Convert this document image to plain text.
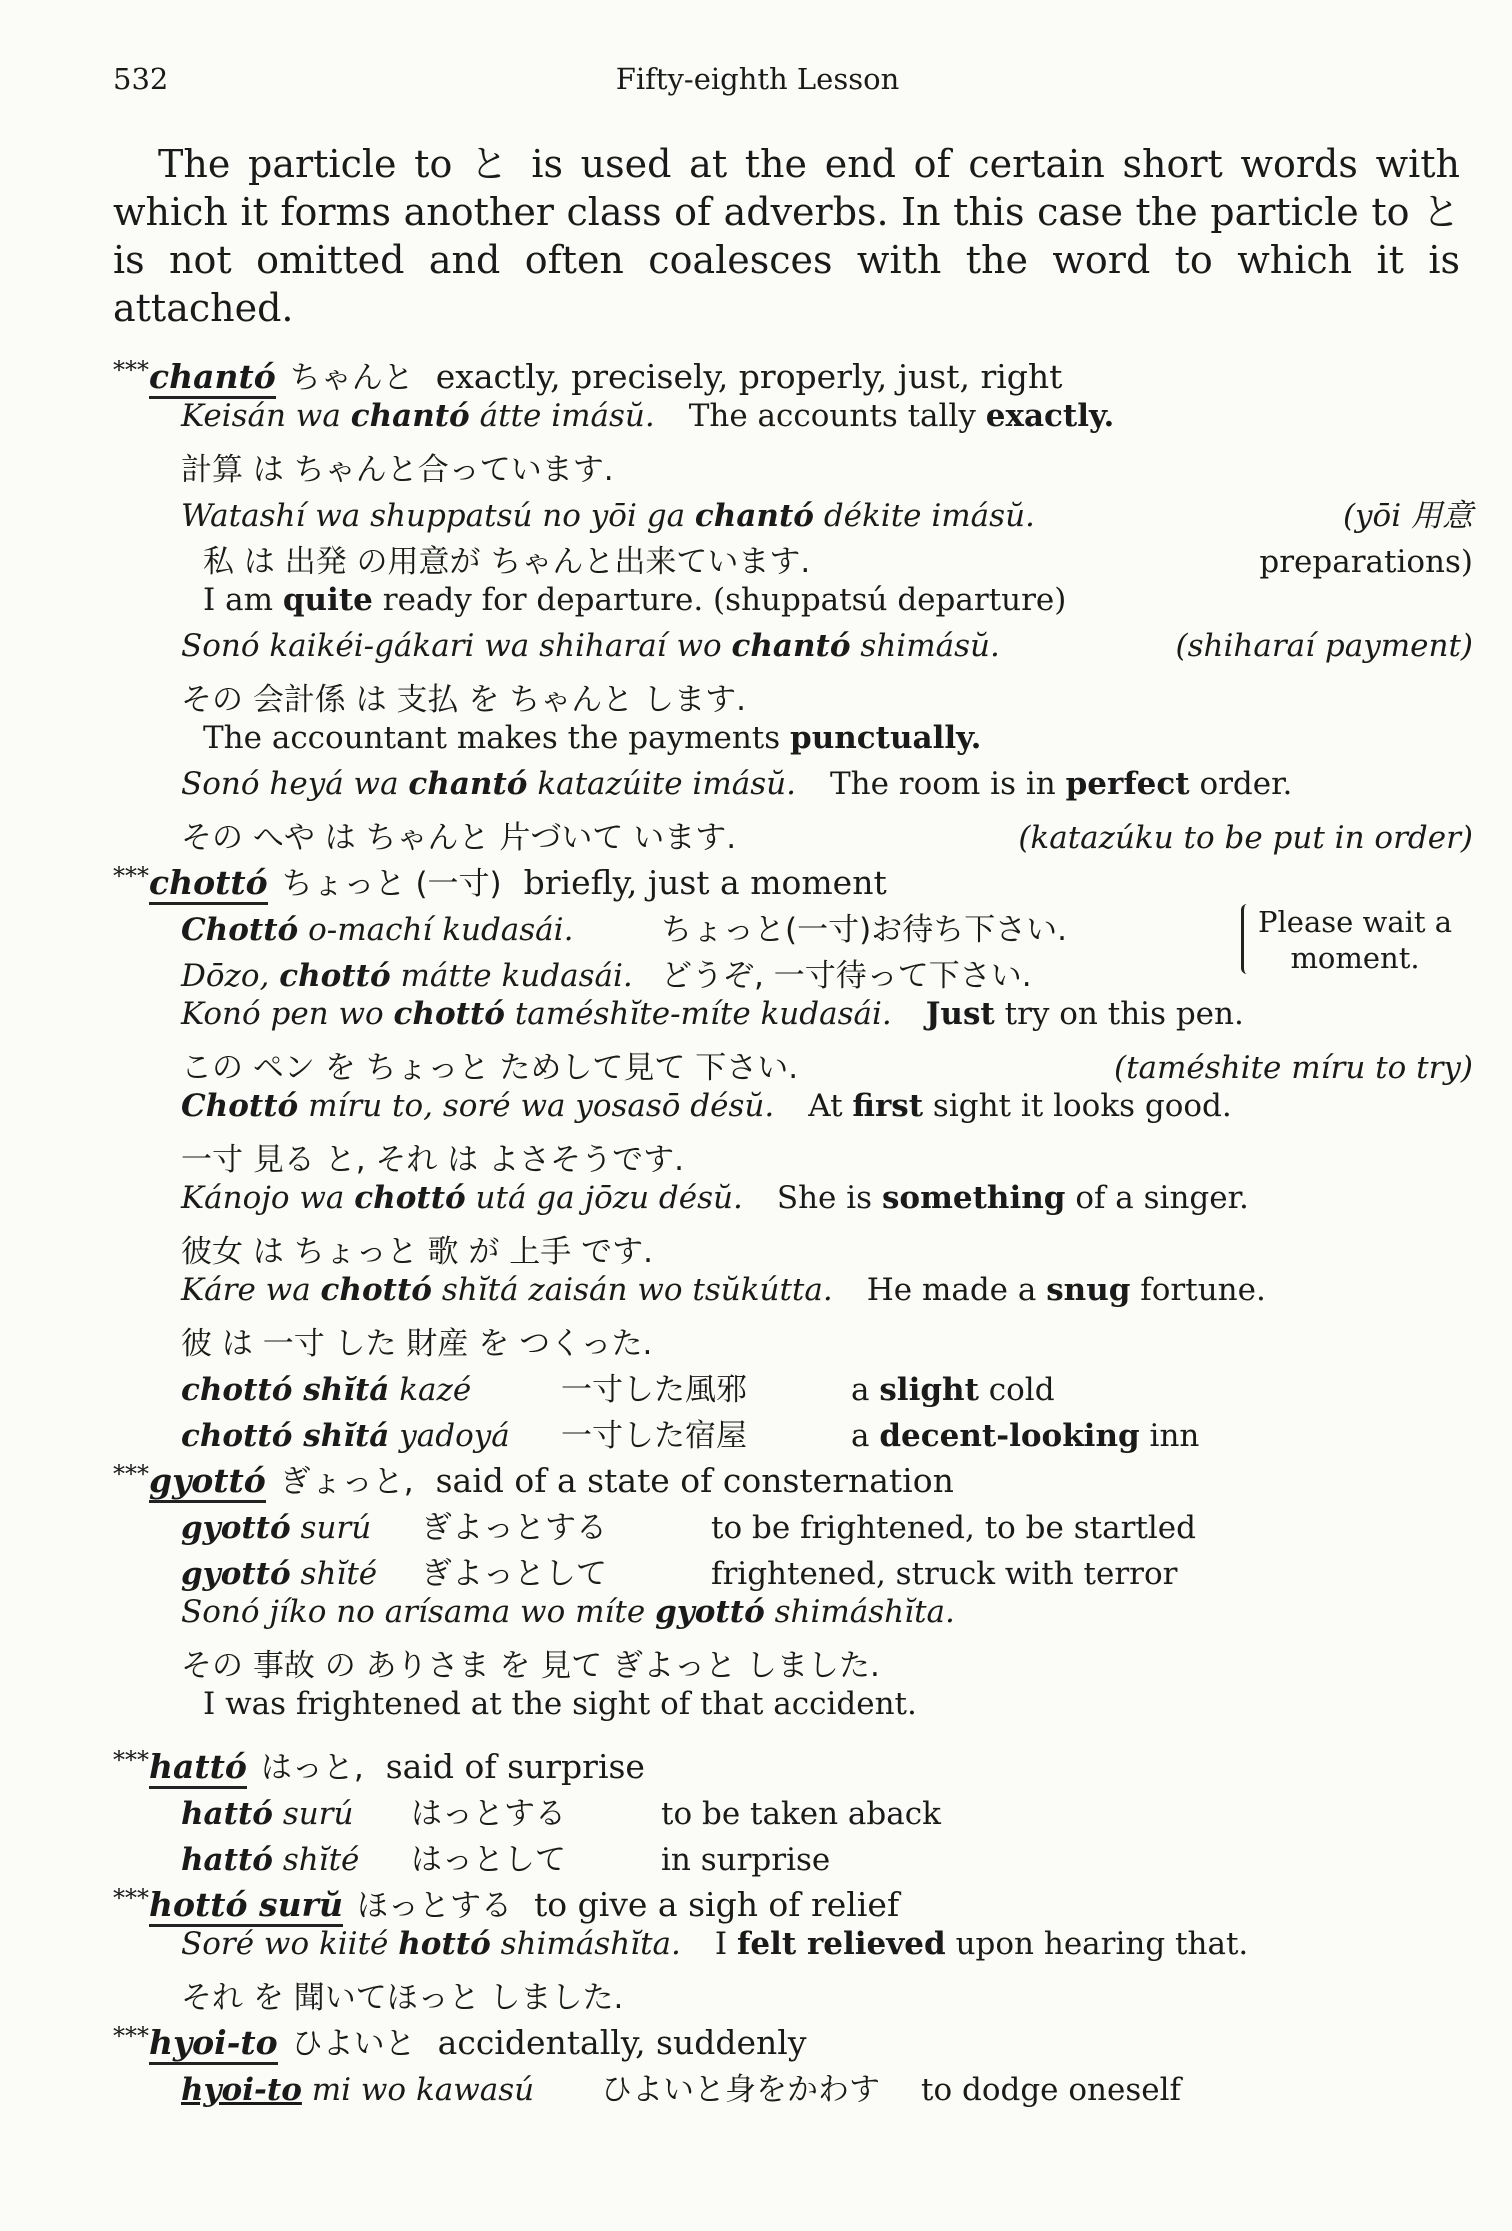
532	Fifty-eighth Lesson

The particle to と is used at the end of certain short words with which it forms another class of adverbs. In this case the particle to と is not omitted and often coalesces with the word to which it is attached.

*** chantó ちゃんと exactly, precisely, properly, just, right
Keisán wa chantó átte imásŭ. The accounts tally exactly.
計算 は ちゃんと合っています.
Watashí wa shuppatsú no yōi ga chantó dékite imásŭ.	(yōi 用意
私 は 出発 の用意が ちゃんと出来ています.	preparations)
I am quite ready for departure. (shuppatsú departure)
Sonó kaikéi-gákari wa shiharaí wo chantó shimásŭ.	(shiharaí payment)
その 会計係 は 支払 を ちゃんと します.
The accountant makes the payments punctually.
Sonó heyá wa chantó katazúite imásŭ. The room is in perfect order.
その へや は ちゃんと 片づいて います.	(katazúku to be put in order)
*** chottó ちょっと (一寸) briefly, just a moment
Chottó o-machí kudasái.	ちょっと(一寸)お待ち下さい.
Dōzo, chottó mátte kudasái. どうぞ, 一寸待って下さい.
Please wait a
moment.
Konó pen wo chottó taméshĭte-míte kudasái. Just try on this pen.
この ペン を ちょっと ためして見て 下さい.	(taméshite míru to try)
Chottó míru to, soré wa yosasō désŭ. At first sight it looks good.
一寸 見る と, それ は よさそうです.
Kánojo wa chottó utá ga jōzu désŭ. She is something of a singer.
彼女 は ちょっと 歌 が 上手 です.
Káre wa chottó shĭtá zaisán wo tsŭkútta. He made a snug fortune.
彼 は 一寸 した 財産 を つくった.
chottó shĭtá kazé	一寸した風邪	a slight cold
chottó shĭtá yadoyá	一寸した宿屋	a decent-looking inn
*** gyottó ぎょっと, said of a state of consternation
gyottó surú	ぎよっとする	to be frightened, to be startled
gyottó shĭté	ぎよっとして	frightened, struck with terror
Sonó jíko no arísama wo míte gyottó shimáshĭta.
その 事故 の ありさま を 見て ぎよっと しました.
I was frightened at the sight of that accident.
*** hattó はっと, said of surprise
hattó surú	はっとする	to be taken aback
hattó shĭté	はっとして	in surprise
*** hottó surŭ ほっとする to give a sigh of relief
Soré wo kiité hottó shimáshĭta. I felt relieved upon hearing that.
それ を 聞いてほっと しました.
*** hyoi-to ひよいと accidentally, suddenly
hyoi-to mi wo kawasú	ひよいと身をかわす	to dodge oneself
